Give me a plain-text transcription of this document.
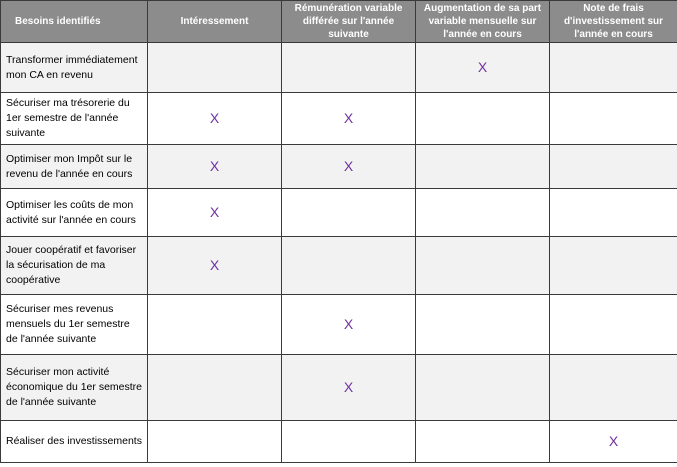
Besoins identifiés	Intéressement	Rémunération variable différée sur l'année suivante	Augmentation de sa part variable mensuelle sur l'année en cours	Note de frais d'investissement sur l'année en cours
Transformer immédiatement mon CA en revenu			X	
Sécuriser ma trésorerie du 1er semestre de l'année suivante	X	X		
Optimiser mon Impôt sur le revenu de l'année en cours	X	X		
Optimiser les coûts de mon activité sur l'année en cours	X			
Jouer coopératif et favoriser la sécurisation de ma coopérative	X			
Sécuriser mes revenus mensuels du 1er semestre de l'année suivante		X		
Sécuriser mon activité économique du 1er semestre de l'année suivante		X		
Réaliser des investissements				X
